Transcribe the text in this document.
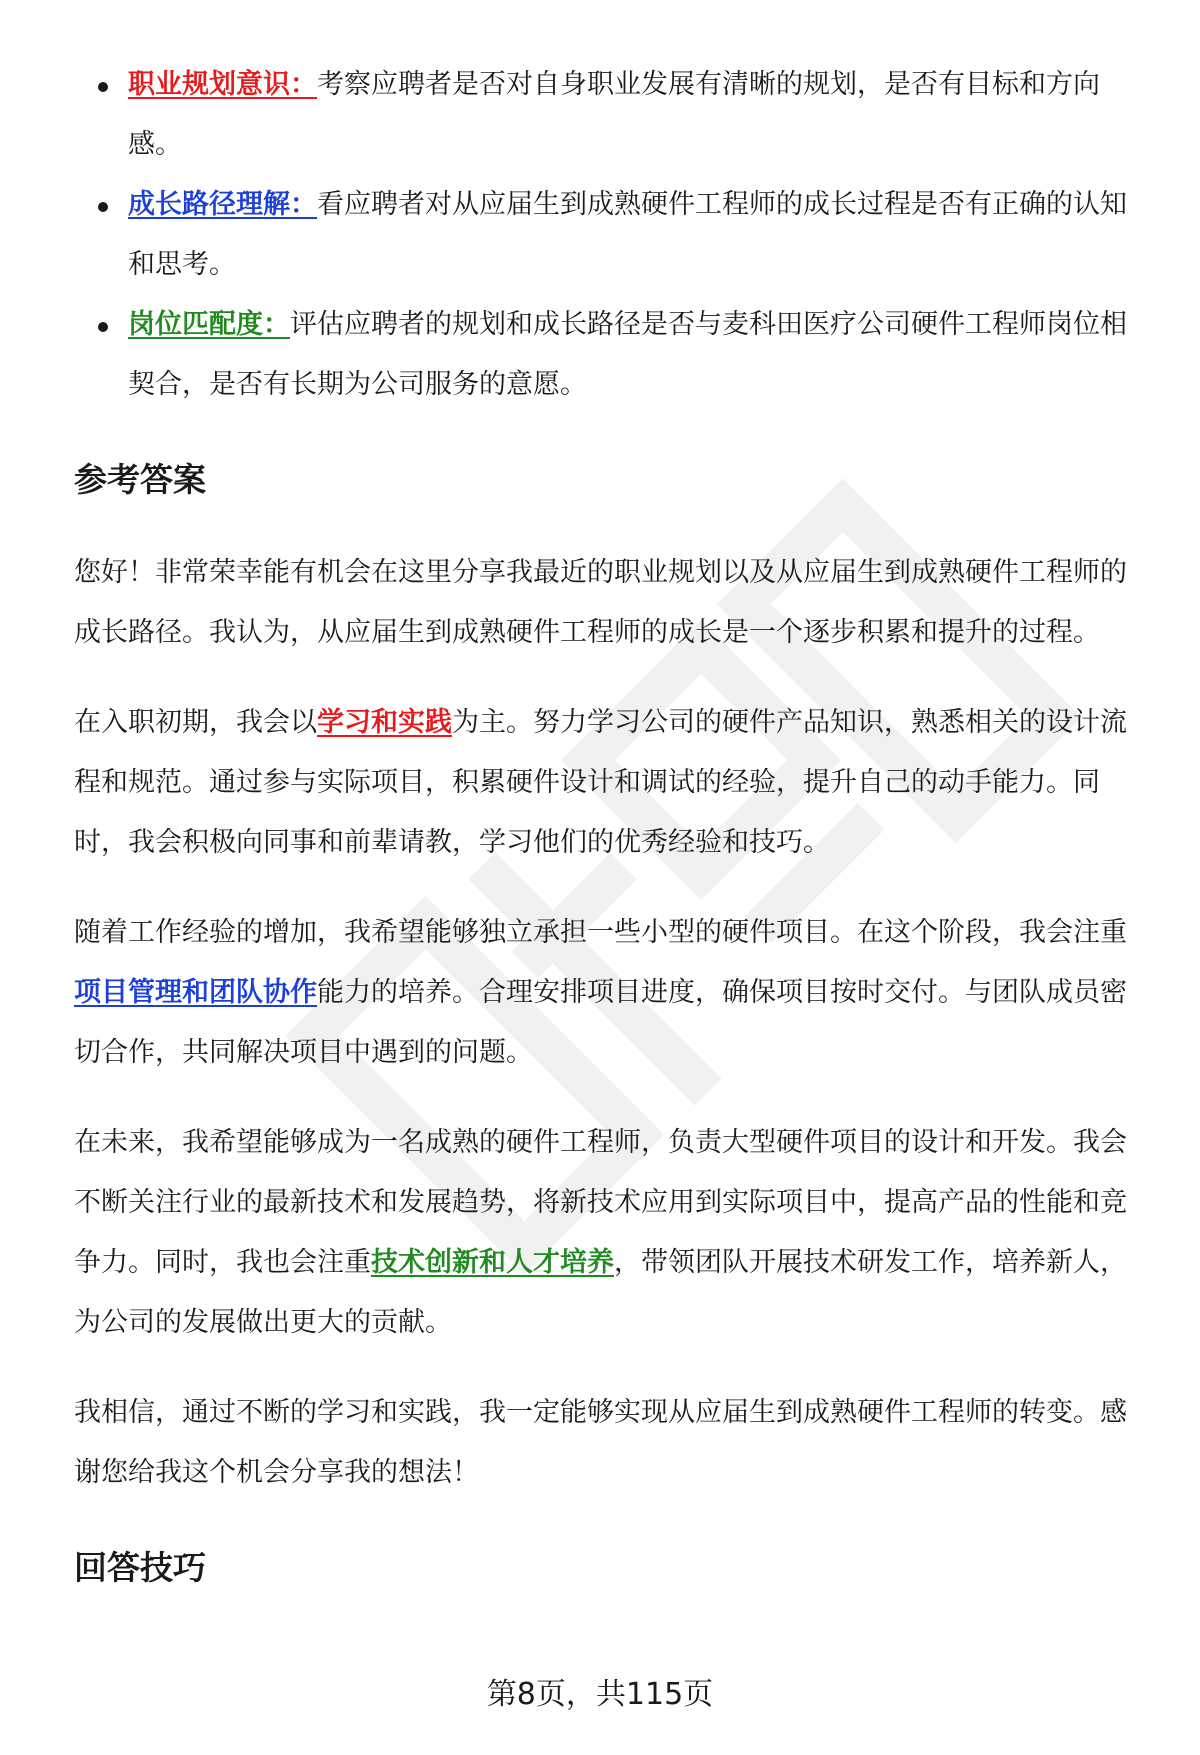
职业规划意识：考察应聘者是否对自身职业发展有清晰的规划，是否有目标和方向感。
成长路径理解：看应聘者对从应届生到成熟硬件工程师的成长过程是否有正确的认知和思考。
岗位匹配度：评估应聘者的规划和成长路径是否与麦科田医疗公司硬件工程师岗位相契合，是否有长期为公司服务的意愿。
参考答案

您好！非常荣幸能有机会在这里分享我最近的职业规划以及从应届生到成熟硬件工程师的成长路径。我认为，从应届生到成熟硬件工程师的成长是一个逐步积累和提升的过程。

在入职初期，我会以学习和实践为主。努力学习公司的硬件产品知识，熟悉相关的设计流程和规范。通过参与实际项目，积累硬件设计和调试的经验，提升自己的动手能力。同时，我会积极向同事和前辈请教，学习他们的优秀经验和技巧。

随着工作经验的增加，我希望能够独立承担一些小型的硬件项目。在这个阶段，我会注重项目管理和团队协作能力的培养。合理安排项目进度，确保项目按时交付。与团队成员密切合作，共同解决项目中遇到的问题。

在未来，我希望能够成为一名成熟的硬件工程师，负责大型硬件项目的设计和开发。我会不断关注行业的最新技术和发展趋势，将新技术应用到实际项目中，提高产品的性能和竞争力。同时，我也会注重技术创新和人才培养，带领团队开展技术研发工作，培养新人，为公司的发展做出更大的贡献。

我相信，通过不断的学习和实践，我一定能够实现从应届生到成熟硬件工程师的转变。感谢您给我这个机会分享我的想法！

回答技巧
第8页，共115页
